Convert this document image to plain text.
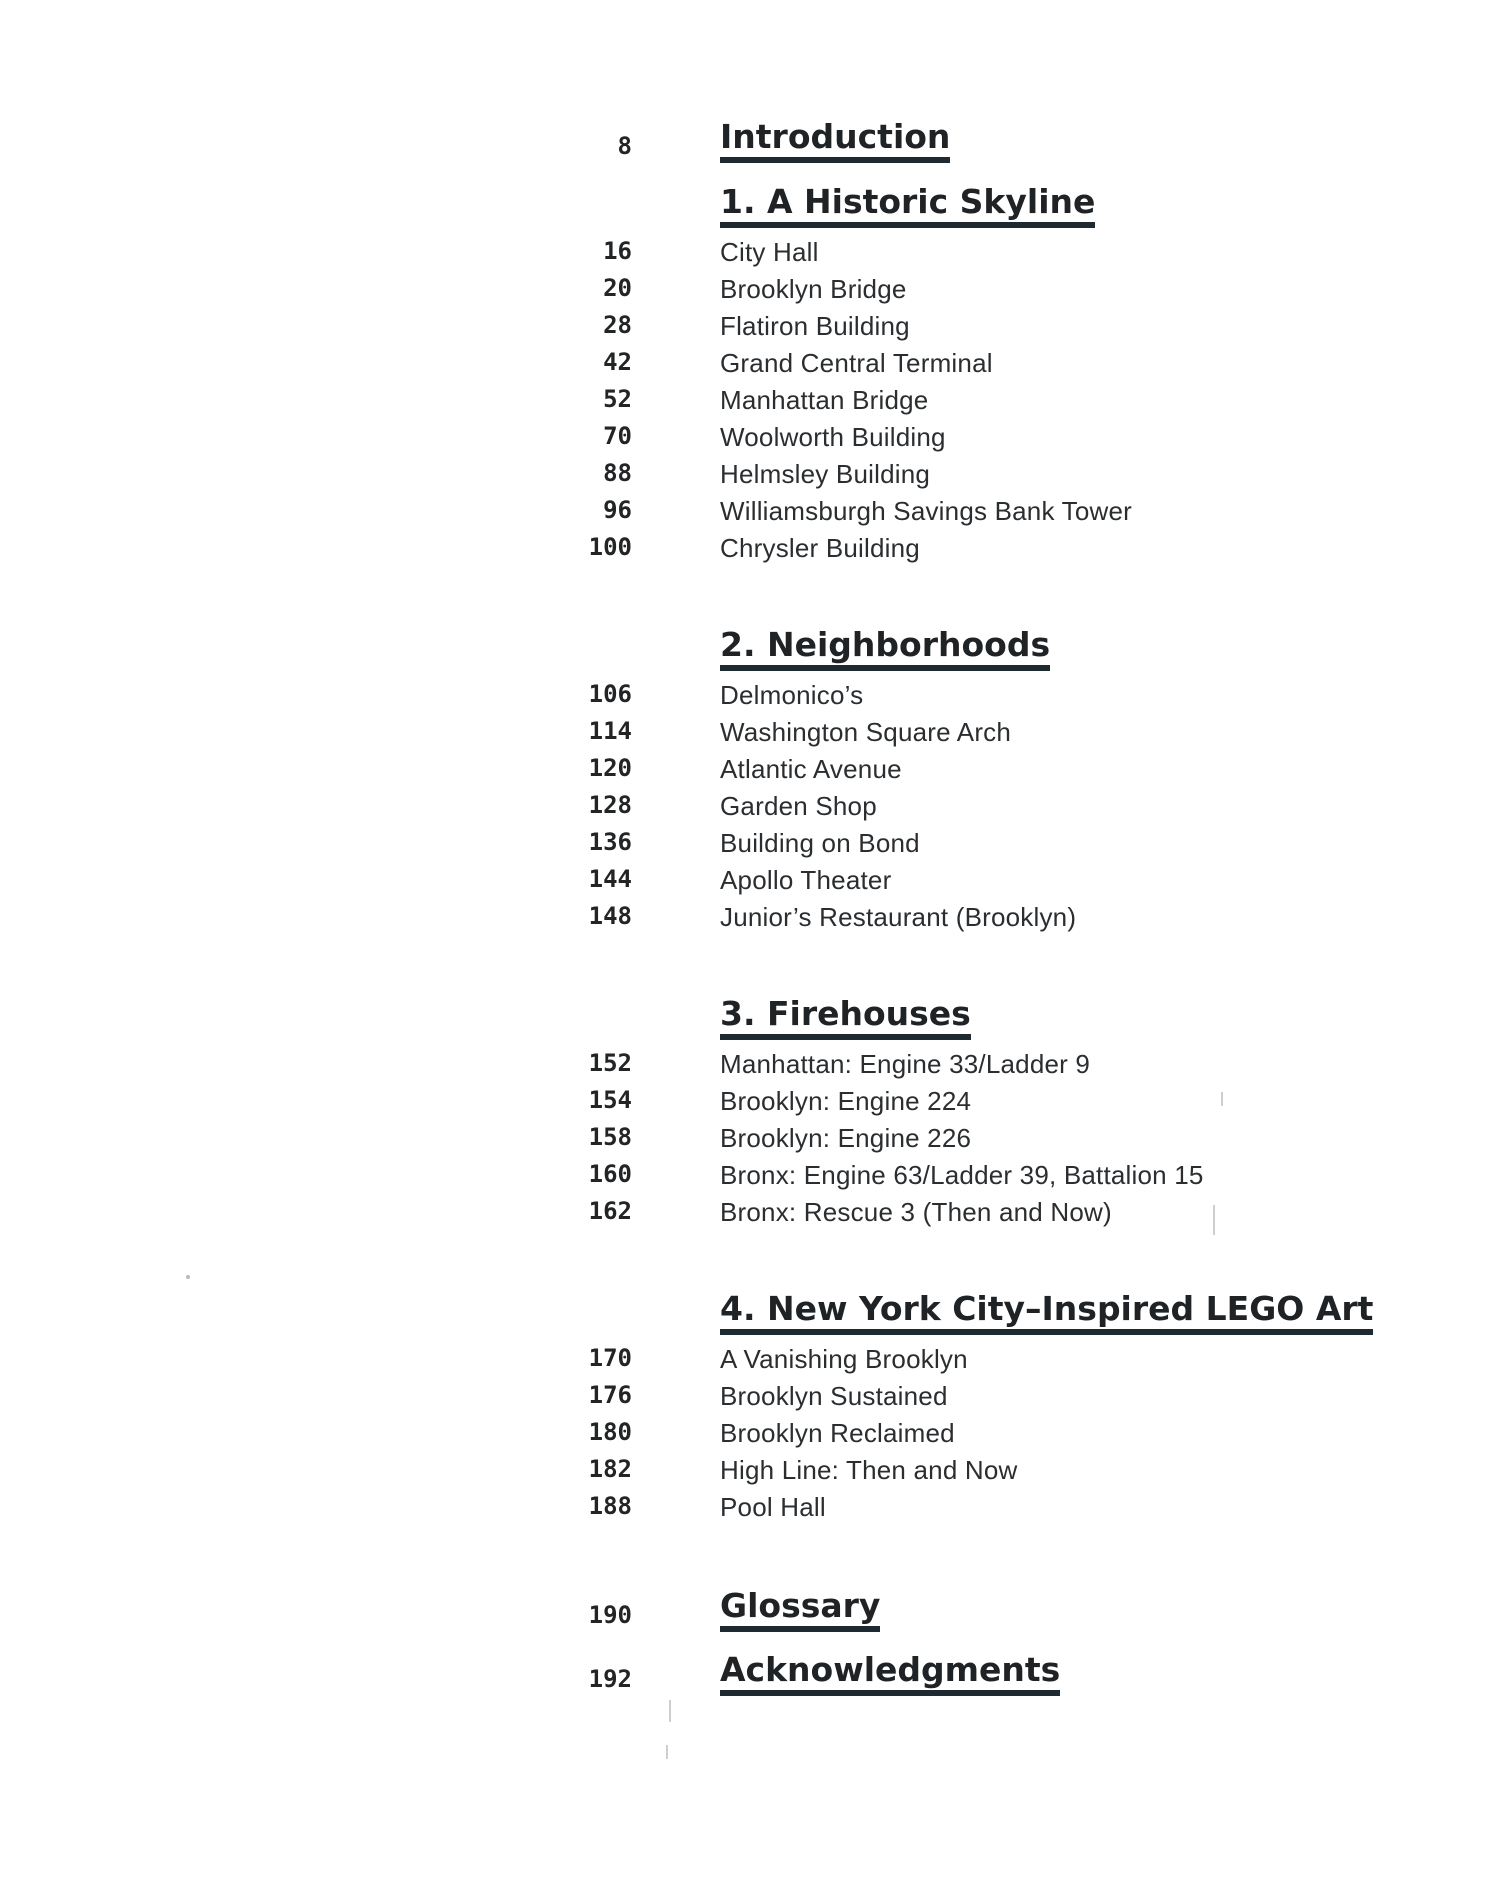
8	Introduction
1. A Historic Skyline
16	City Hall
20	Brooklyn Bridge
28	Flatiron Building
42	Grand Central Terminal
52	Manhattan Bridge
70	Woolworth Building
88	Helmsley Building
96	Williamsburgh Savings Bank Tower
100	Chrysler Building
2. Neighborhoods
106	Delmonico’s
114	Washington Square Arch
120	Atlantic Avenue
128	Garden Shop
136	Building on Bond
144	Apollo Theater
148	Junior’s Restaurant (Brooklyn)
3. Firehouses
152	Manhattan: Engine 33/Ladder 9
154	Brooklyn: Engine 224
158	Brooklyn: Engine 226
160	Bronx: Engine 63/Ladder 39, Battalion 15
162	Bronx: Rescue 3 (Then and Now)
4. New York City–Inspired LEGO Art
170	A Vanishing Brooklyn
176	Brooklyn Sustained
180	Brooklyn Reclaimed
182	High Line: Then and Now
188	Pool Hall
190	Glossary
192	Acknowledgments
